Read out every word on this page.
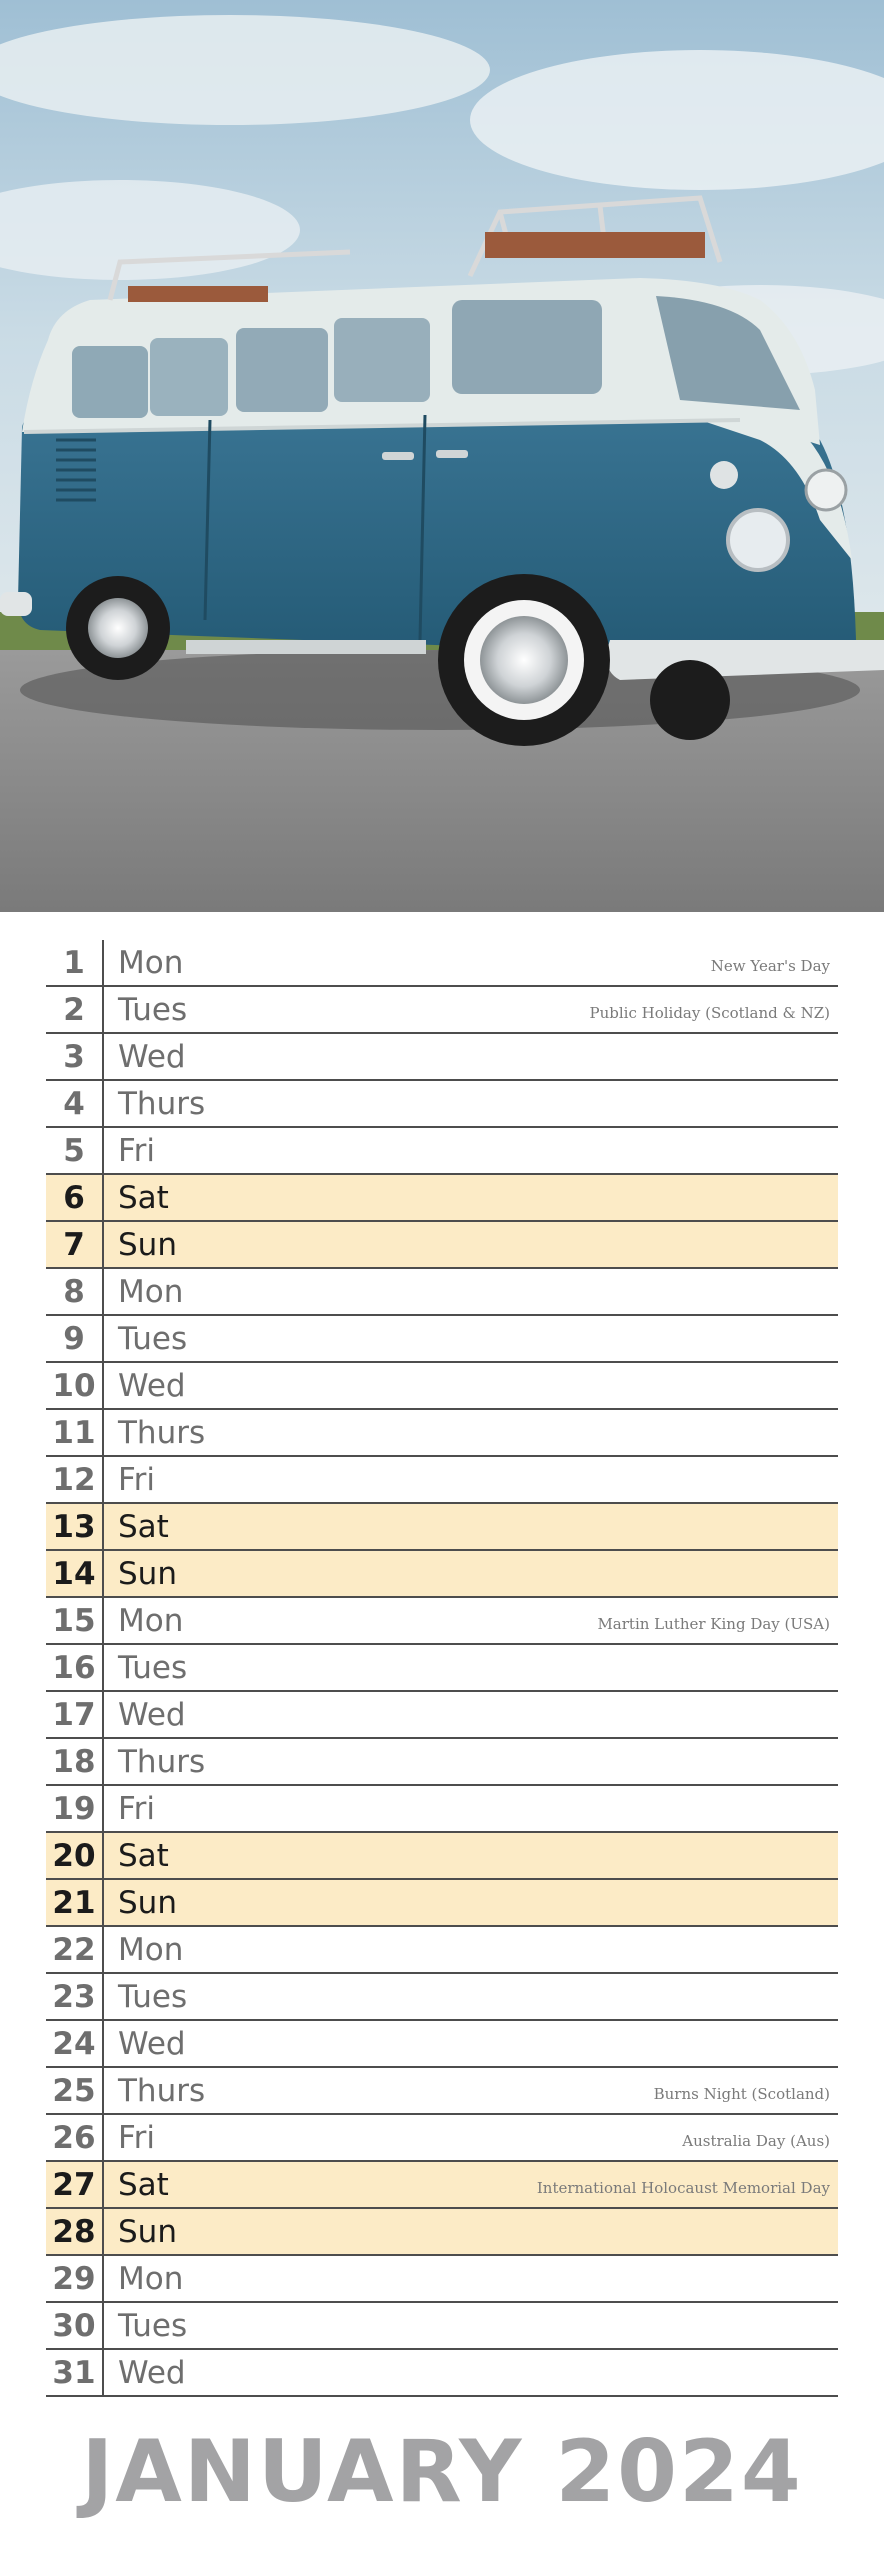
1	Mon	New Year's Day
2	Tues	Public Holiday (Scotland & NZ)
3	Wed
4	Thurs
5	Fri
6	Sat
7	Sun
8	Mon
9	Tues
10 Wed
11 Thurs
12 Fri
13 Sat
14 Sun
15 Mon	Martin Luther King Day (USA)
16 Tues
17 Wed
18 Thurs
19 Fri
20 Sat
21 Sun
22 Mon
23 Tues
24 Wed
25 Thurs	Burns Night (Scotland)
26 Fri	Australia Day (Aus)
27 Sat	International Holocaust Memorial Day
28 Sun
29 Mon
30 Tues
31 Wed
JANUARY 2024
